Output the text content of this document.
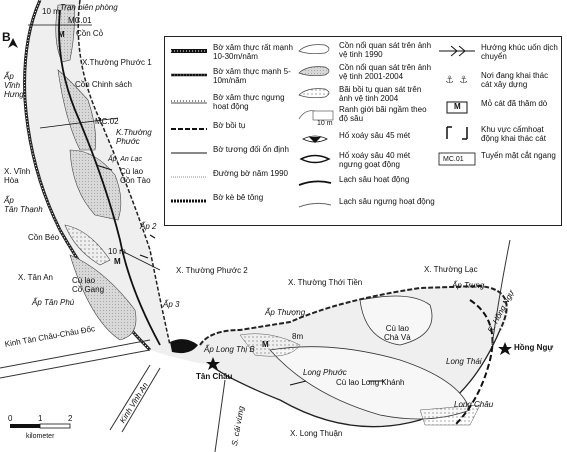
B
Trạn biên phòng
MC.01
Cồn Cỏ
M
10 m
Ấp
Vĩnh
Hưng
X.Thường Phước 1
Cồn Chinh sách
MC.02
K.Thường
Phước
Ấp. An Lạc
X. Vĩnh
Hòa
Cù lao
Cồn Tào
Ấp
Tân Thạnh
Ấp 2
Cồn Béo
10 m
M
X. Tân An Cù lao
Cồ Gang
Ấp Tân Phú
X. Thường Phước 2
Ấp 3
Kinh Tân Châu-Châu Đốc
X. Thường Thới Tiền
X. Thường Lạc
Ấp Thượng
Ấp Trung
R. Hồng Ngự
Cù lao
Chà Và
Hồng Ngự
Long Thái
Ấp Long Thị B
M
8m
Tân Châu	Long Phước
Cù lao Long Khánh
Kinh Vĩnh An
S. cái vừng
Long Châu
X. Long Thuận
0	1	2
kilometer
Bờ xâm thực rất mạnh 10-30m/năm
Bờ xâm thực mạnh 5-10m/năm
Bờ xâm thực ngưng hoạt động
Bờ bồi tụ
Bờ tương đối ổn định
Đường bờ năm 1990
Bờ kè bê tông
Cồn nổi quan sát trên ảnh vệ tinh 1990
Cồn nổi quan sát trên ảnh vệ tinh 2001-2004
Bãi bồi tụ quan sát trên ảnh vệ tinh 2004
Ranh giới bãi ngầm theo độ sâu
10 m
Hố xoáy sâu 45 mét
Hố xoáy sâu 40 mét ngưng goạt động
Lạch sâu hoạt động
Lạch sâu ngưng hoạt động
Hướng khúc uốn dịch chuyển
⚓ ⚓ Nơi đang khai thác cát xây dựng
Mỏ cát đã thăm dò
M
Khu vực cấmhoạt động khai thác cát
Tuyến mặt cắt ngang
MC.01
